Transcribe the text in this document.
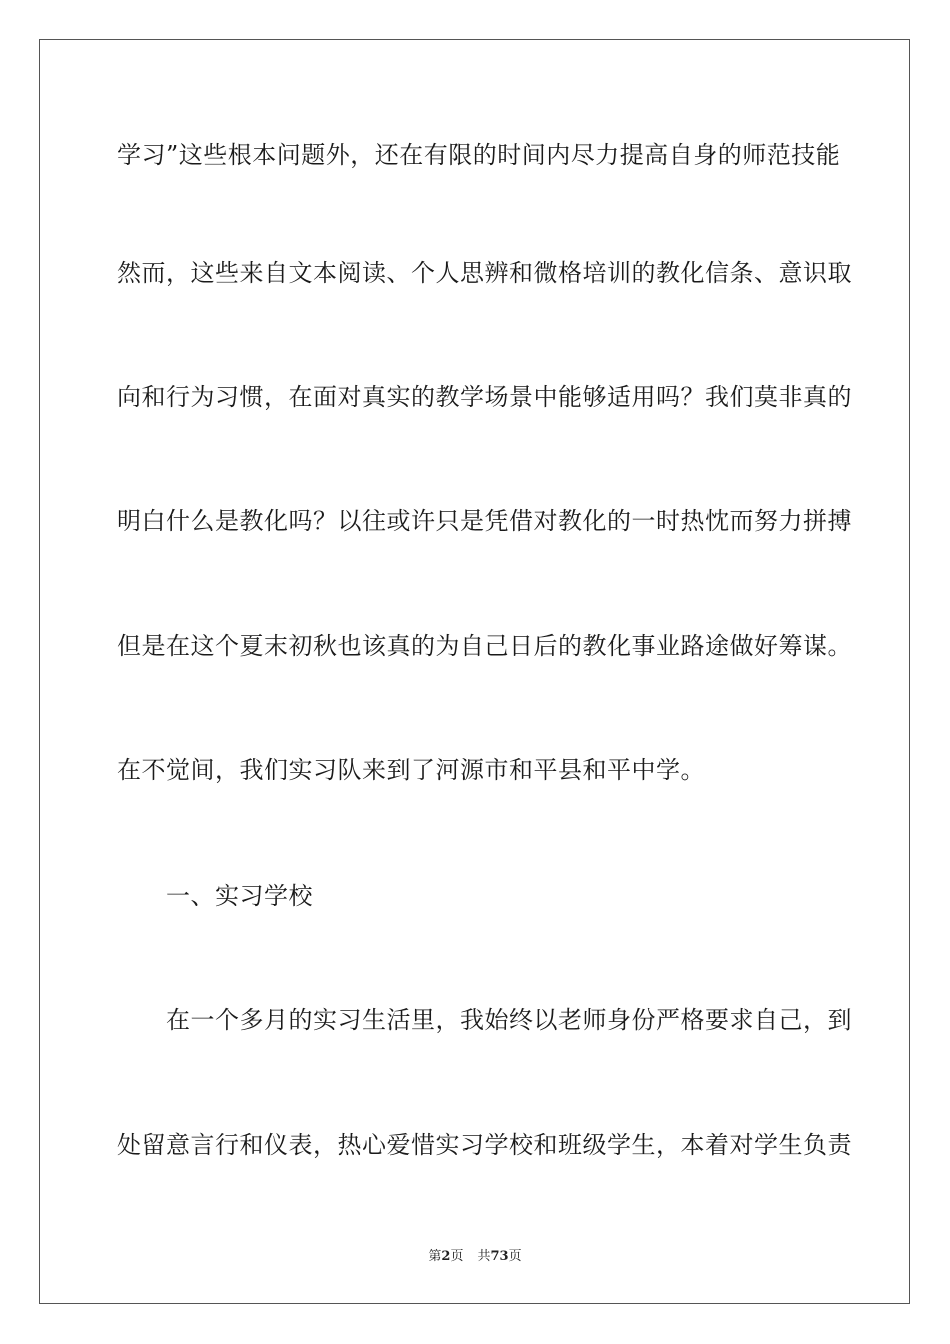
学习”这些根本问题外，还在有限的时间内尽力提高自身的师范技能
然而，这些来自文本阅读、个人思辨和微格培训的教化信条、意识取
向和行为习惯，在面对真实的教学场景中能够适用吗？我们莫非真的
明白什么是教化吗？以往或许只是凭借对教化的一时热忱而努力拼搏
但是在这个夏末初秋也该真的为自己日后的教化事业路途做好筹谋。
在不觉间，我们实习队来到了河源市和平县和平中学。
一、实习学校
在一个多月的实习生活里，我始终以老师身份严格要求自己，到
处留意言行和仪表，热心爱惜实习学校和班级学生，本着对学生负责
第2页 共73页
